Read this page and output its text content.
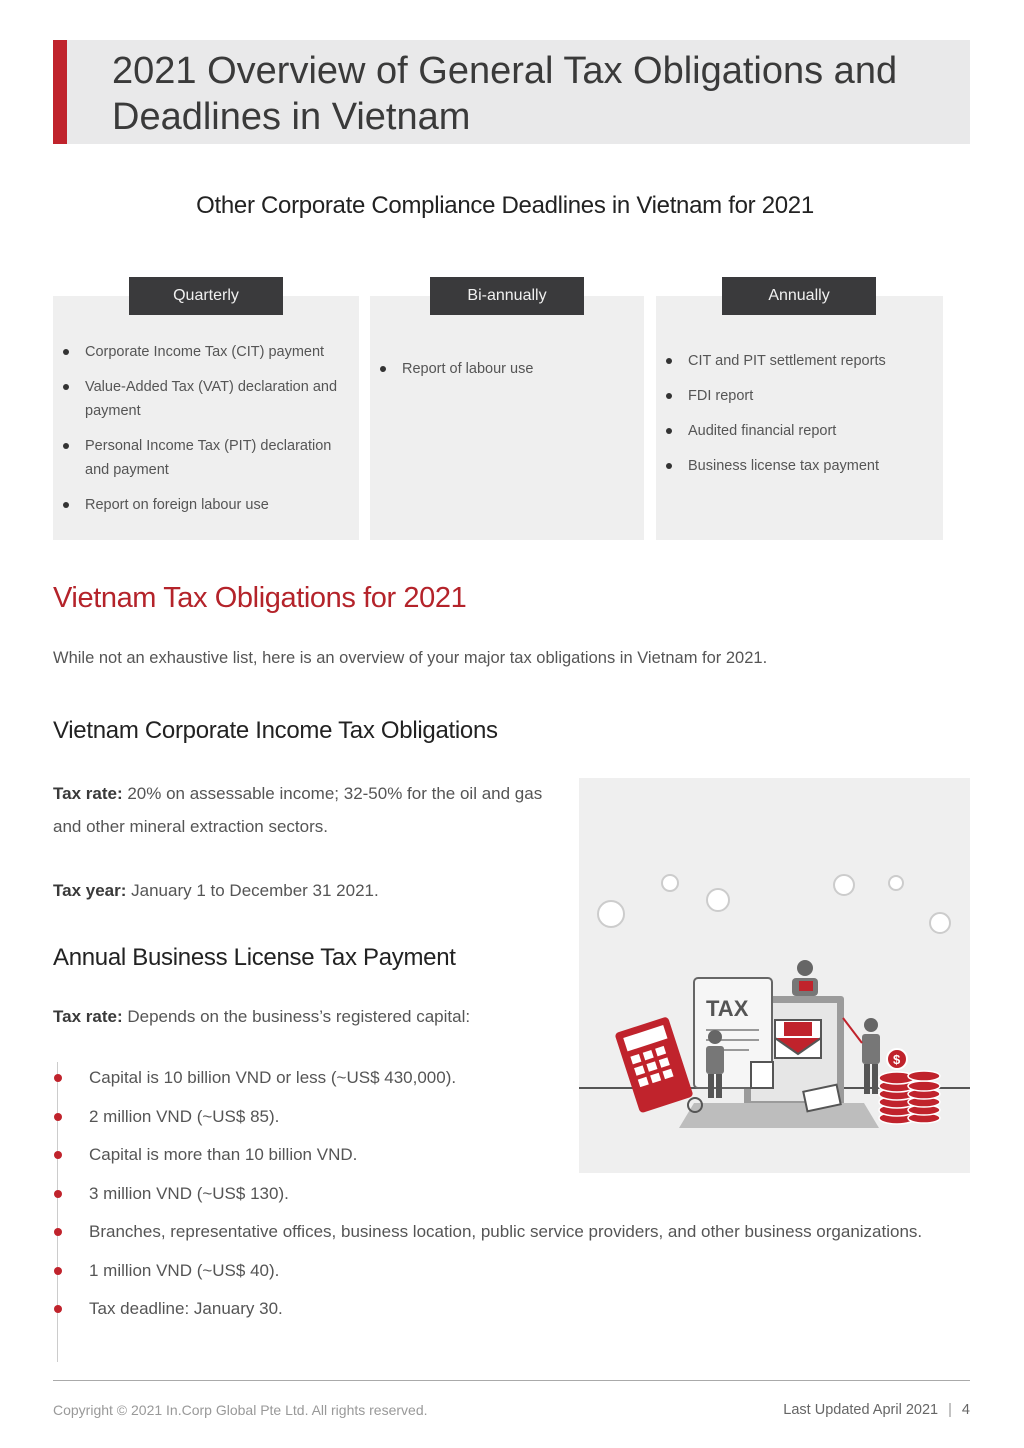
2021 Overview of General Tax Obligations and Deadlines in Vietnam
Other Corporate Compliance Deadlines in Vietnam for 2021
Corporate Income Tax (CIT) payment
Value-Added Tax (VAT) declaration and payment
Personal Income Tax (PIT) declaration and payment
Report on foreign labour use
Report of labour use	CIT and PIT settlement reports
FDI report
Audited financial report
Business license tax payment
Quarterly	Bi-annually	Annually
Vietnam Tax Obligations for 2021
While not an exhaustive list, here is an overview of your major tax obligations in Vietnam for 2021.
Vietnam Corporate Income Tax Obligations
Tax rate: 20% on assessable income; 32-50% for the oil and gas and other mineral extraction sectors.
Tax year: January 1 to December 31 2021.
Annual Business License Tax Payment
Tax rate: Depends on the business’s registered capital:	TAX
$
Capital is 10 billion VND or less (~US$ 430,000).
2 million VND (~US$ 85).
Capital is more than 10 billion VND.
3 million VND (~US$ 130).
Branches, representative offices, business location, public service providers, and other business organizations.
1 million VND (~US$ 40).
Tax deadline: January 30.
Copyright © 2021 In.Corp Global Pte Ltd. All rights reserved.	Last Updated April 2021 | 4
